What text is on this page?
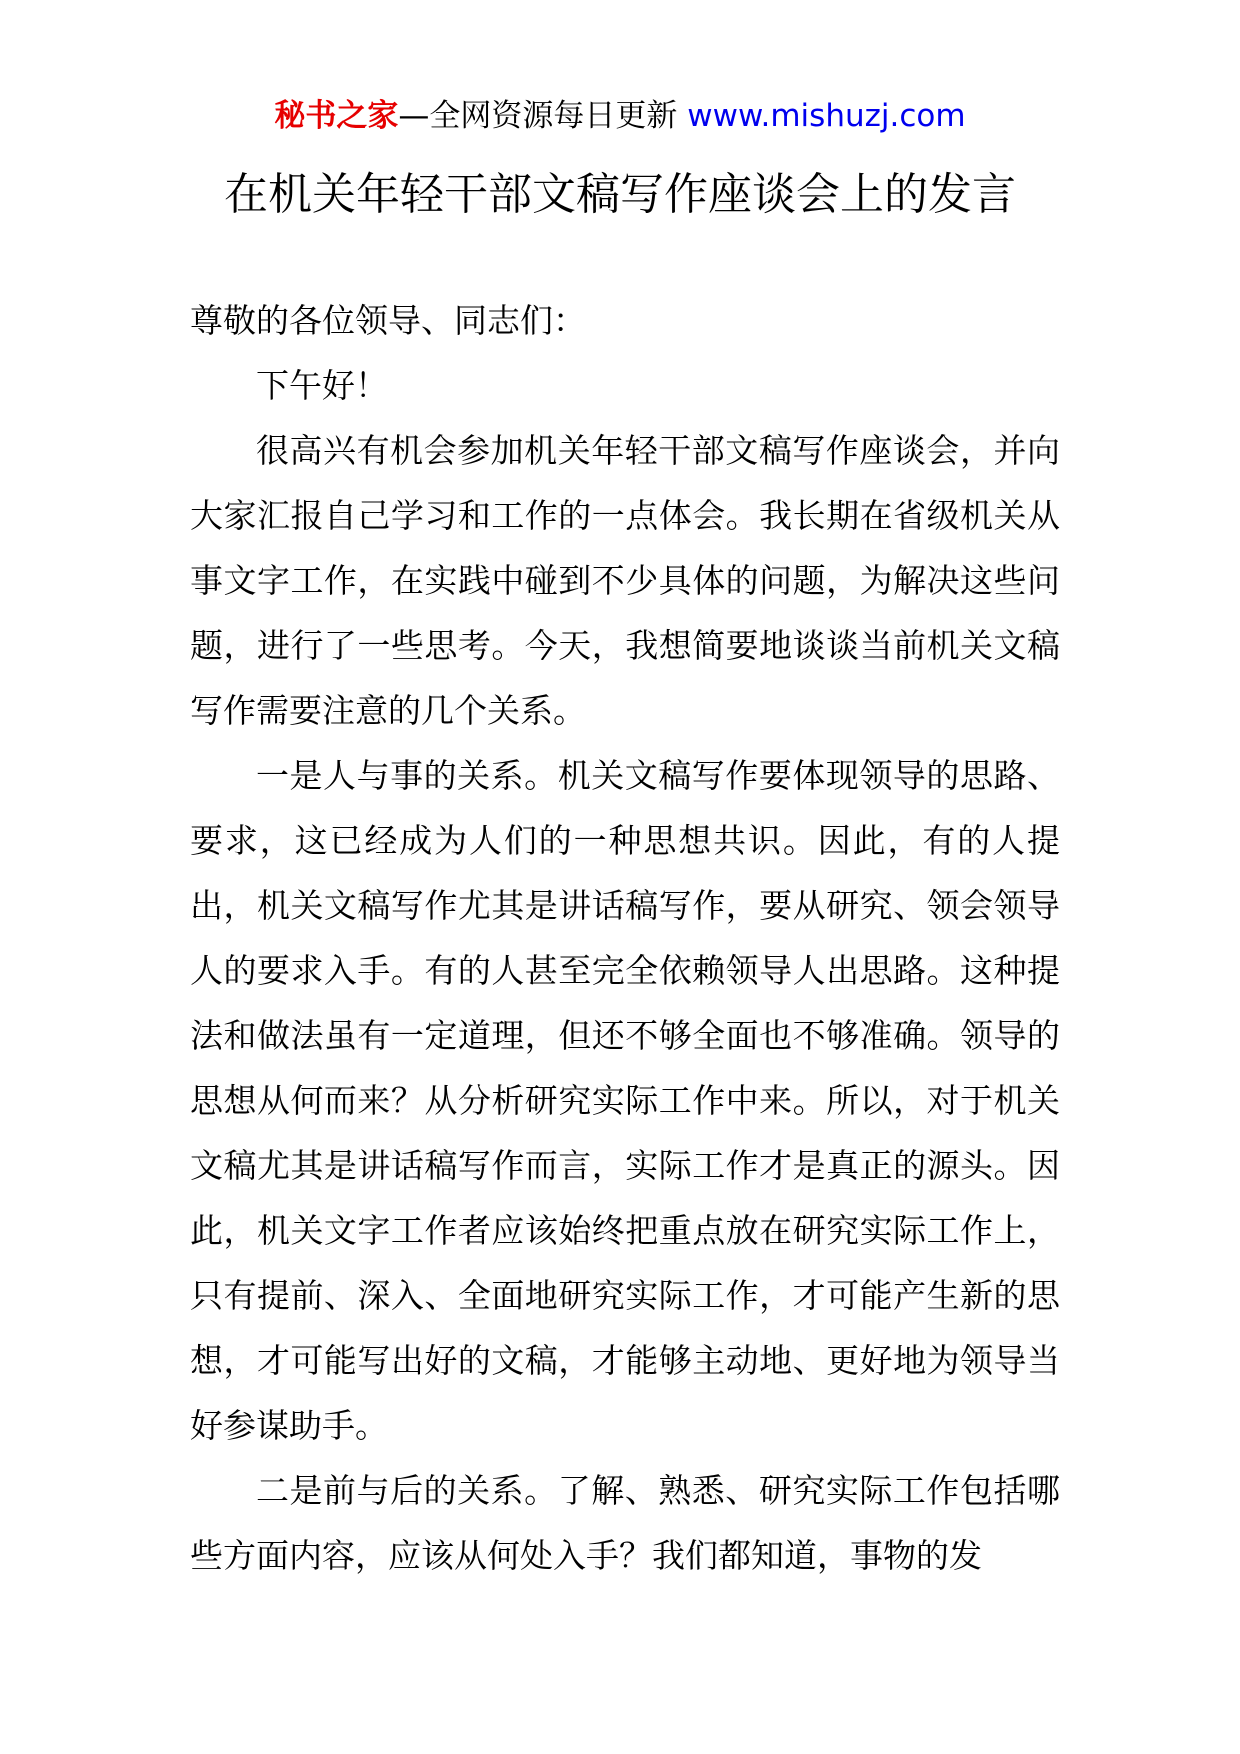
秘书之家—全网资源每日更新 www.mishuzj.com
在机关年轻干部文稿写作座谈会上的发言

尊敬的各位领导、同志们：

下午好！

很高兴有机会参加机关年轻干部文稿写作座谈会，并向大家汇报自己学习和工作的一点体会。我长期在省级机关从事文字工作，在实践中碰到不少具体的问题，为解决这些问题，进行了一些思考。今天，我想简要地谈谈当前机关文稿写作需要注意的几个关系。

一是人与事的关系。机关文稿写作要体现领导的思路、要求，这已经成为人们的一种思想共识。因此，有的人提出，机关文稿写作尤其是讲话稿写作，要从研究、领会领导人的要求入手。有的人甚至完全依赖领导人出思路。这种提法和做法虽有一定道理，但还不够全面也不够准确。领导的思想从何而来？从分析研究实际工作中来。所以，对于机关文稿尤其是讲话稿写作而言，实际工作才是真正的源头。因此，机关文字工作者应该始终把重点放在研究实际工作上，只有提前、深入、全面地研究实际工作，才可能产生新的思想，才可能写出好的文稿，才能够主动地、更好地为领导当好参谋助手。

二是前与后的关系。了解、熟悉、研究实际工作包括哪些方面内容，应该从何处入手？我们都知道，事物的发
